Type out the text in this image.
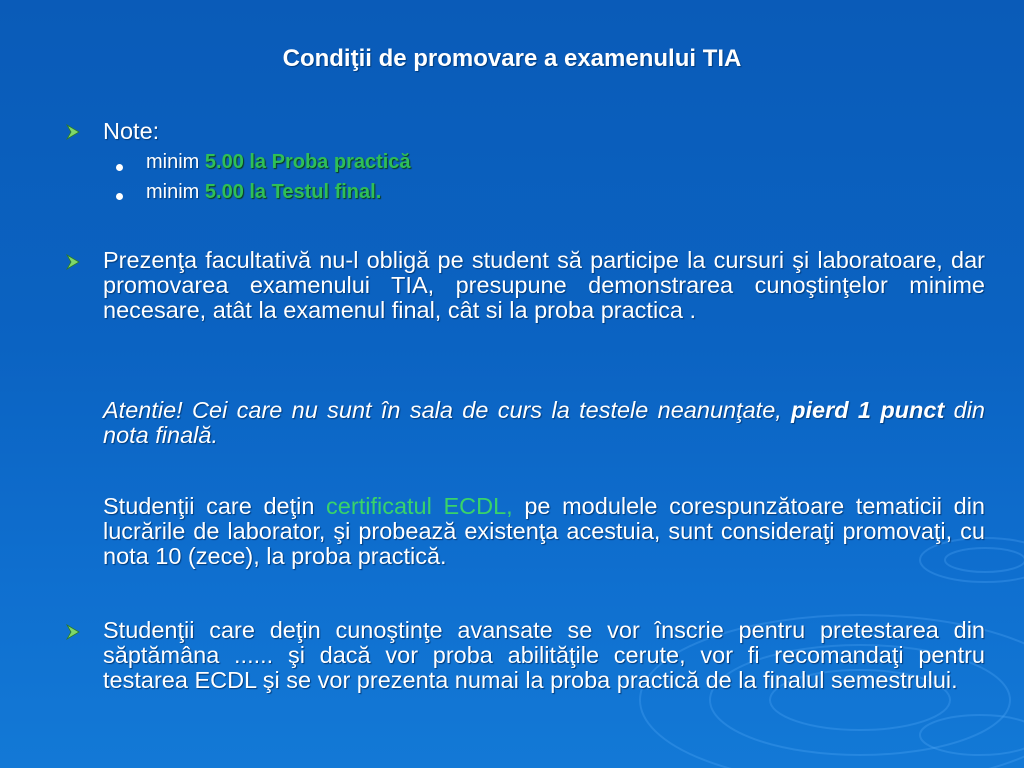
Condiţii de promovare a examenului TIA
Note:
minim 5.00 la Proba practică
minim 5.00 la Testul final.
Prezenţa facultativă nu-l obligă pe student să participe la cursuri şi laboratoare, dar promovarea examenului TIA, presupune demonstrarea cunoştinţelor minime necesare, atât la examenul final, cât si la proba practica .
Atentie! Cei care nu sunt în sala de curs la testele neanunţate, pierd 1 punct din nota finală.
Studenţii care deţin certificatul ECDL, pe modulele corespunzătoare tematicii din lucrările de laborator, şi probează existenţa acestuia, sunt consideraţi promovaţi, cu nota 10 (zece), la proba practică.
Studenţii care deţin cunoştinţe avansate se vor înscrie pentru pretestarea din săptămâna ...... şi dacă vor proba abilităţile cerute, vor fi recomandaţi pentru testarea ECDL şi se vor prezenta numai la proba practică de la finalul semestrului.
